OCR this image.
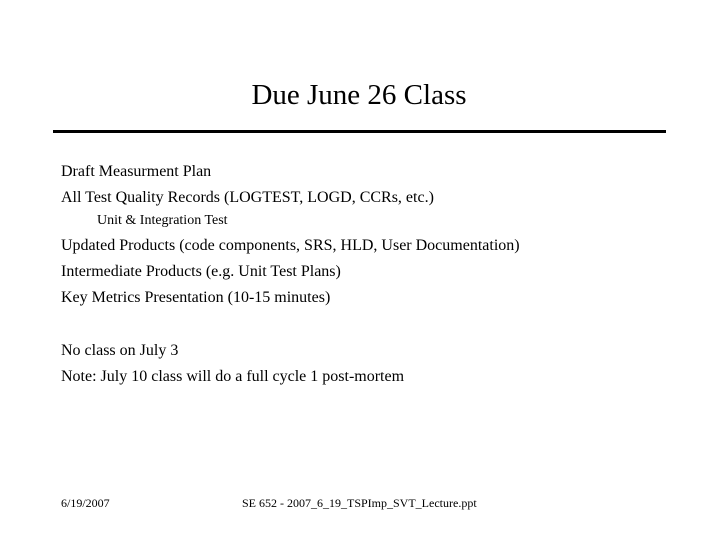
Due June 26 Class
Draft Measurment Plan
All Test Quality Records (LOGTEST, LOGD, CCRs, etc.)
Unit & Integration Test
Updated Products (code components, SRS, HLD, User Documentation)
Intermediate Products (e.g. Unit Test Plans)
Key Metrics Presentation (10-15 minutes)
No class on July 3
Note: July 10 class will do a full cycle 1 post-mortem
6/19/2007	SE 652 - 2007_6_19_TSPImp_SVT_Lecture.ppt
